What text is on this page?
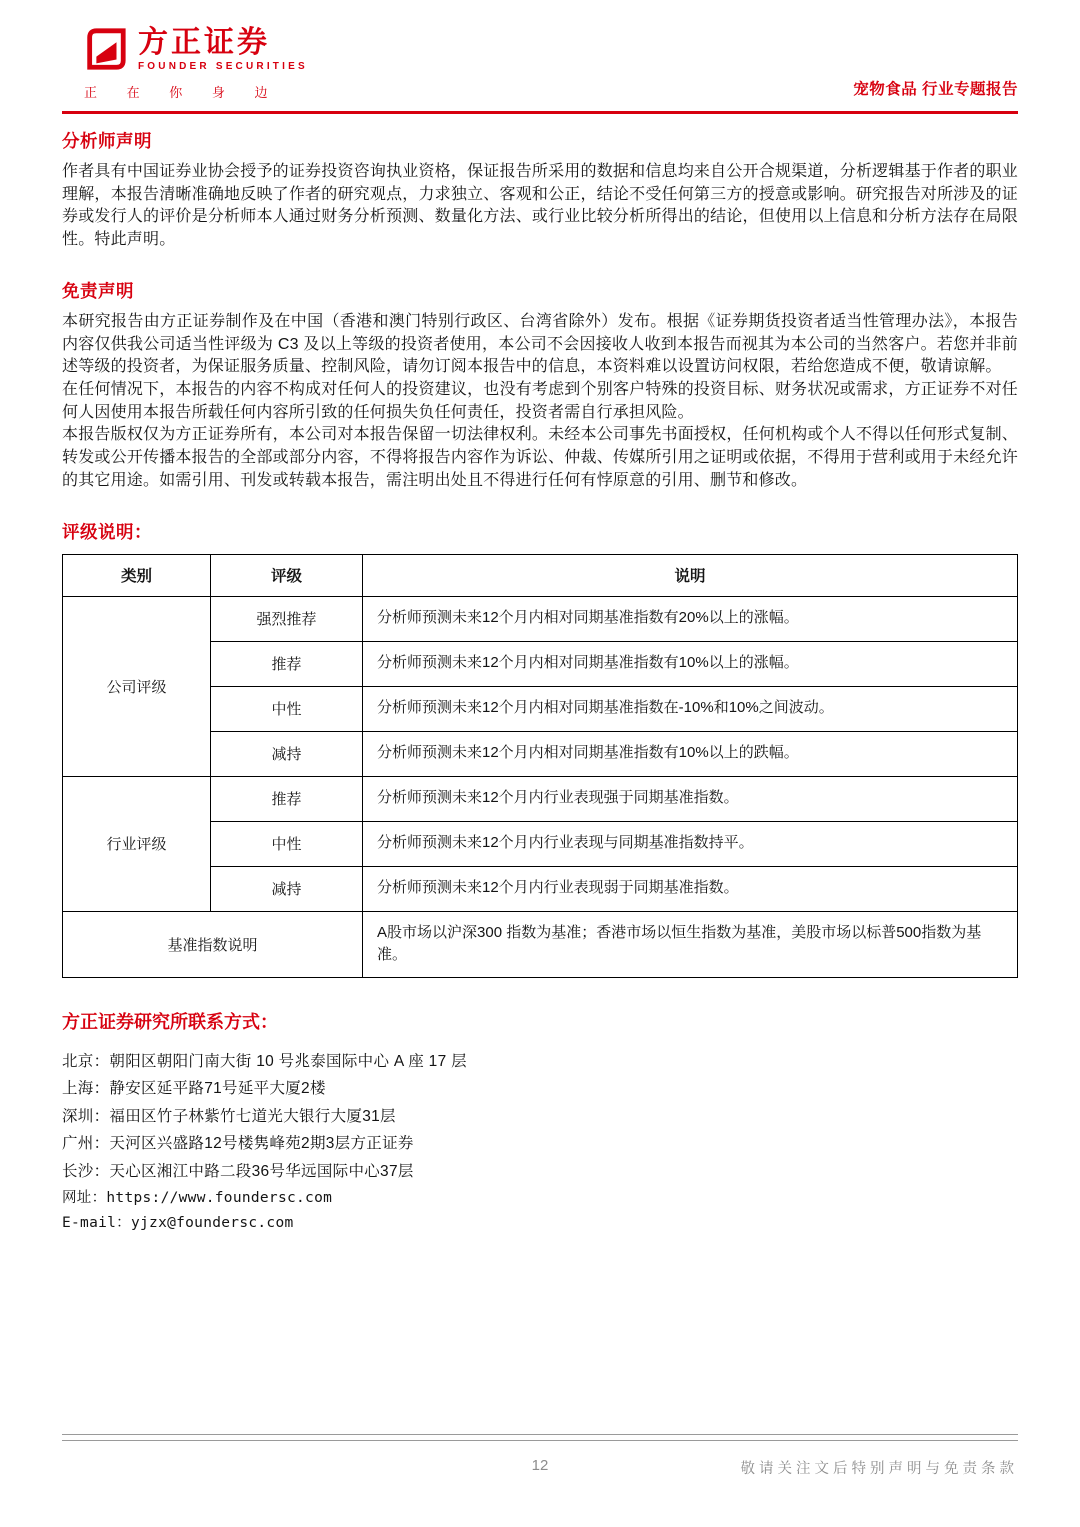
方正证券
FOUNDER SECURITIES
正 在 你 身 边	宠物食品 行业专题报告
分析师声明
作者具有中国证券业协会授予的证券投资咨询执业资格，保证报告所采用的数据和信息均来自公开合规渠道，分析逻辑基于作者的职业理解，本报告清晰准确地反映了作者的研究观点，力求独立、客观和公正，结论不受任何第三方的授意或影响。研究报告对所涉及的证券或发行人的评价是分析师本人通过财务分析预测、数量化方法、或行业比较分析所得出的结论，但使用以上信息和分析方法存在局限性。特此声明。
免责声明
本研究报告由方正证券制作及在中国（香港和澳门特别行政区、台湾省除外）发布。根据《证券期货投资者适当性管理办法》，本报告内容仅供我公司适当性评级为 C3 及以上等级的投资者使用，本公司不会因接收人收到本报告而视其为本公司的当然客户。若您并非前述等级的投资者，为保证服务质量、控制风险，请勿订阅本报告中的信息，本资料难以设置访问权限，若给您造成不便，敬请谅解。
在任何情况下，本报告的内容不构成对任何人的投资建议，也没有考虑到个别客户特殊的投资目标、财务状况或需求，方正证券不对任何人因使用本报告所载任何内容所引致的任何损失负任何责任，投资者需自行承担风险。
本报告版权仅为方正证券所有，本公司对本报告保留一切法律权利。未经本公司事先书面授权，任何机构或个人不得以任何形式复制、转发或公开传播本报告的全部或部分内容，不得将报告内容作为诉讼、仲裁、传媒所引用之证明或依据，不得用于营利或用于未经允许的其它用途。如需引用、刊发或转载本报告，需注明出处且不得进行任何有悖原意的引用、删节和修改。
评级说明：
类别	评级	说明
公司评级	强烈推荐	分析师预测未来12个月内相对同期基准指数有20%以上的涨幅。
	推荐	分析师预测未来12个月内相对同期基准指数有10%以上的涨幅。
	中性	分析师预测未来12个月内相对同期基准指数在-10%和10%之间波动。
	减持	分析师预测未来12个月内相对同期基准指数有10%以上的跌幅。
行业评级	推荐	分析师预测未来12个月内行业表现强于同期基准指数。
	中性	分析师预测未来12个月内行业表现与同期基准指数持平。
	减持	分析师预测未来12个月内行业表现弱于同期基准指数。
基准指数说明		A股市场以沪深300 指数为基准；香港市场以恒生指数为基准，美股市场以标普500指数为基准。
方正证券研究所联系方式：
北京：朝阳区朝阳门南大街 10 号兆泰国际中心 A 座 17 层
上海：静安区延平路71号延平大厦2楼
深圳：福田区竹子林紫竹七道光大银行大厦31层
广州：天河区兴盛路12号楼隽峰苑2期3层方正证券
长沙：天心区湘江中路二段36号华远国际中心37层
网址：https://www.foundersc.com
E-mail：yjzx@foundersc.com
12	敬请关注文后特别声明与免责条款
